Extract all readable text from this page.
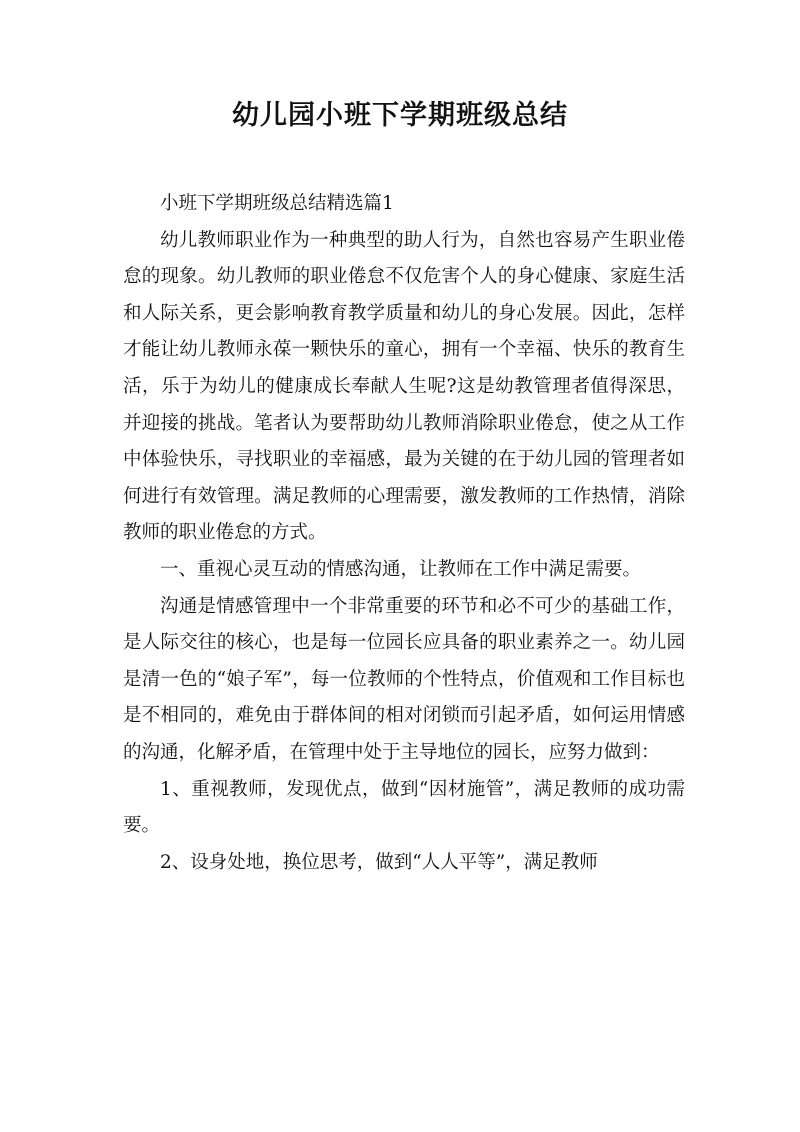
幼儿园小班下学期班级总结

小班下学期班级总结精选篇1

幼儿教师职业作为一种典型的助人行为，自然也容易产生职业倦怠的现象。幼儿教师的职业倦怠不仅危害个人的身心健康、家庭生活和人际关系，更会影响教育教学质量和幼儿的身心发展。因此，怎样才能让幼儿教师永葆一颗快乐的童心，拥有一个幸福、快乐的教育生活，乐于为幼儿的健康成长奉献人生呢?这是幼教管理者值得深思，并迎接的挑战。笔者认为要帮助幼儿教师消除职业倦怠，使之从工作中体验快乐，寻找职业的幸福感，最为关键的在于幼儿园的管理者如何进行有效管理。满足教师的心理需要，激发教师的工作热情，消除教师的职业倦怠的方式。

一、重视心灵互动的情感沟通，让教师在工作中满足需要。

沟通是情感管理中一个非常重要的环节和必不可少的基础工作，是人际交往的核心，也是每一位园长应具备的职业素养之一。幼儿园是清一色的“娘子军”，每一位教师的个性特点，价值观和工作目标也是不相同的，难免由于群体间的相对闭锁而引起矛盾，如何运用情感的沟通，化解矛盾，在管理中处于主导地位的园长，应努力做到：

1、重视教师，发现优点，做到“因材施管”，满足教师的成功需要。

2、设身处地，换位思考，做到“人人平等”，满足教师
